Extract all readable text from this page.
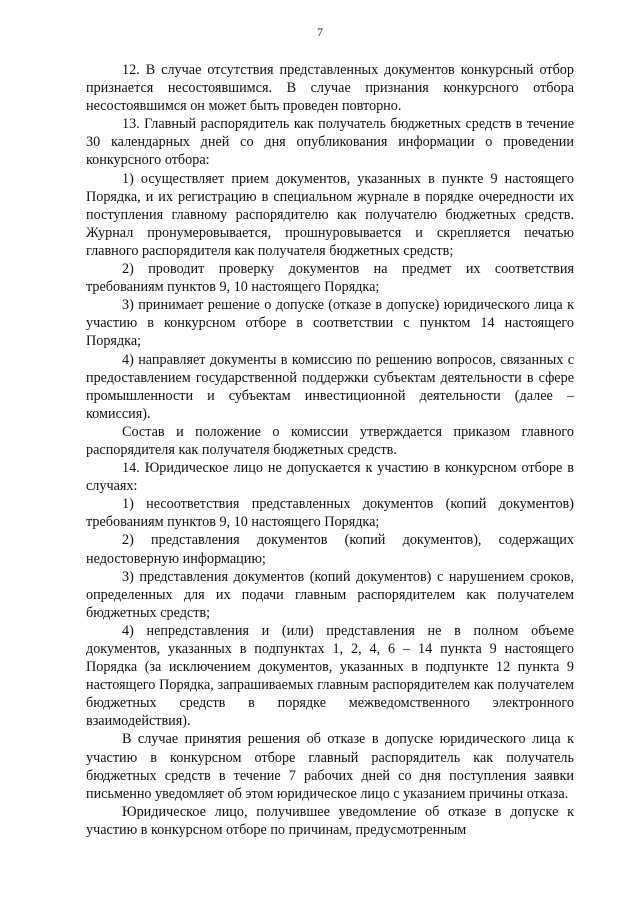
7

12. В случае отсутствия представленных документов конкурсный отбор признается несостоявшимся. В случае признания конкурсного отбора несостоявшимся он может быть проведен повторно.

13. Главный распорядитель как получатель бюджетных средств в течение 30 календарных дней со дня опубликования информации о проведении конкурсного отбора:

1) осуществляет прием документов, указанных в пункте 9 настоящего Порядка, и их регистрацию в специальном журнале в порядке очередности их поступления главному распорядителю как получателю бюджетных средств. Журнал пронумеровывается, прошнуровывается и скрепляется печатью главного распорядителя как получателя бюджетных средств;

2) проводит проверку документов на предмет их соответствия требованиям пунктов 9, 10 настоящего Порядка;

3) принимает решение о допуске (отказе в допуске) юридического лица к участию в конкурсном отборе в соответствии с пунктом 14 настоящего Порядка;

4) направляет документы в комиссию по решению вопросов, связанных с предоставлением государственной поддержки субъектам деятельности в сфере промышленности и субъектам инвестиционной деятельности (далее – комиссия).

Состав и положение о комиссии утверждается приказом главного распорядителя как получателя бюджетных средств.

14. Юридическое лицо не допускается к участию в конкурсном отборе в случаях:

1) несоответствия представленных документов (копий документов) требованиям пунктов 9, 10 настоящего Порядка;

2) представления документов (копий документов), содержащих недостоверную информацию;

3) представления документов (копий документов) с нарушением сроков, определенных для их подачи главным распорядителем как получателем бюджетных средств;

4) непредставления и (или) представления не в полном объеме документов, указанных в подпунктах 1, 2, 4, 6 – 14 пункта 9 настоящего Порядка (за исключением документов, указанных в подпункте 12 пункта 9 настоящего Порядка, запрашиваемых главным распорядителем как получателем бюджетных средств в порядке межведомственного электронного взаимодействия).

В случае принятия решения об отказе в допуске юридического лица к участию в конкурсном отборе главный распорядитель как получатель бюджетных средств в течение 7 рабочих дней со дня поступления заявки письменно уведомляет об этом юридическое лицо с указанием причины отказа.

Юридическое лицо, получившее уведомление об отказе в допуске к участию в конкурсном отборе по причинам, предусмотренным
